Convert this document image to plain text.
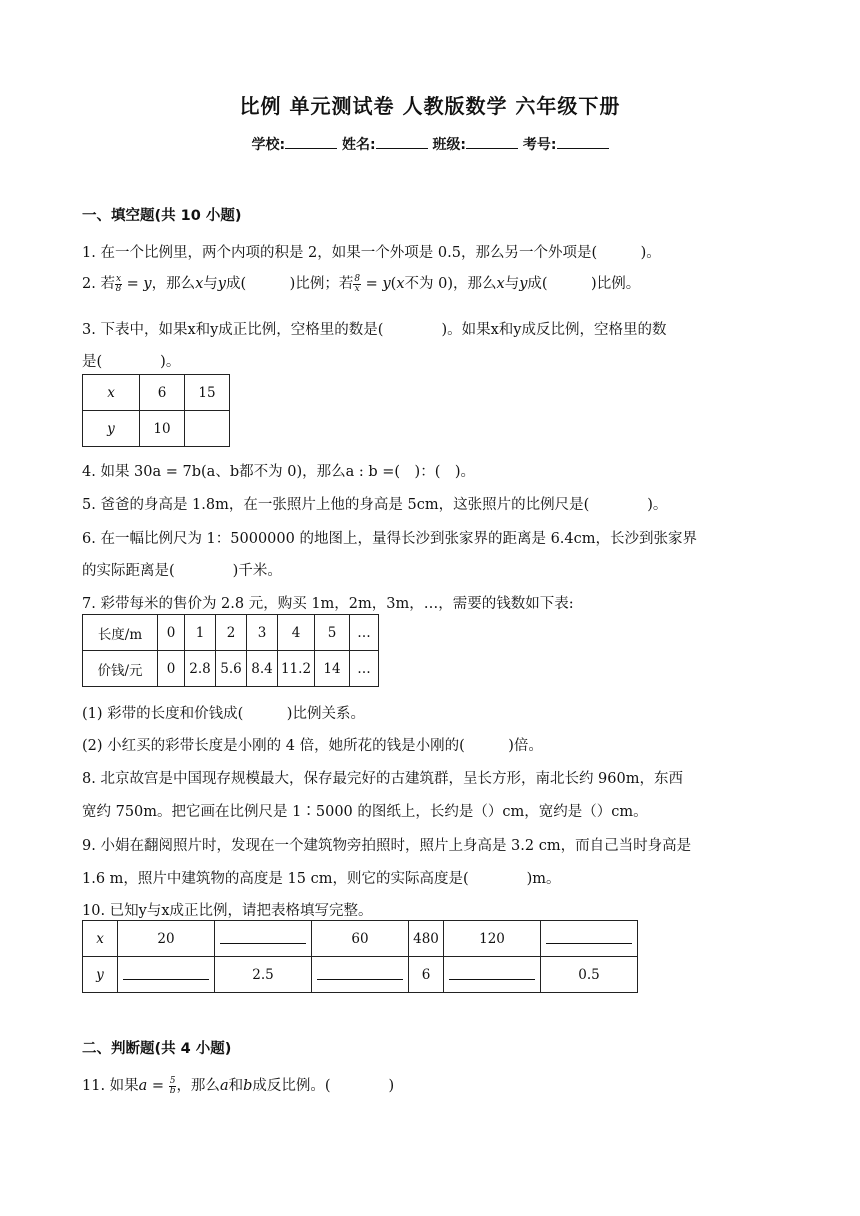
比例 单元测试卷 人教版数学 六年级下册
学校:	姓名:	班级:	考号:
一、填空题(共 10 小题)
1. 在一个比例里，两个内项的积是 2，如果一个外项是 0.5，那么另一个外项是(　　　)。
2. 若 $\frac{x}{8} = y$，那么x与y成(　　　)比例；若 $\frac{8}{x} = y(x$不为 0)，那么x与y成(　　　)比例。
3. 下表中，如果x和y成正比例，空格里的数是(　　　　)。如果x和y成反比例，空格里的数
是(　　　　)。
x	6	15
y	10	
4. 如果 30a = 7b(a、b都不为 0)，那么a : b =(　)：(　)。
5. 爸爸的身高是 1.8m，在一张照片上他的身高是 5cm，这张照片的比例尺是(　　　　)。
6. 在一幅比例尺为 1：5000000 的地图上，量得长沙到张家界的距离是 6.4cm，长沙到张家界
的实际距离是(　　　　)千米。
7. 彩带每米的售价为 2.8 元，购买 1m，2m，3m，…，需要的钱数如下表:
长度/m	0	1	2	3	4	5	…
价钱/元	0	2.8	5.6	8.4	11.2	14	…
(1) 彩带的长度和价钱成(　　　)比例关系。
(2) 小红买的彩带长度是小刚的 4 倍，她所花的钱是小刚的(　　　)倍。
8. 北京故宫是中国现存规模最大，保存最完好的古建筑群，呈长方形，南北长约 960m，东西
宽约 750m。把它画在比例尺是 1∶5000 的图纸上，长约是（）cm，宽约是（）cm。
9. 小娟在翻阅照片时，发现在一个建筑物旁拍照时，照片上身高是 3.2 cm，而自己当时身高是
1.6 m，照片中建筑物的高度是 15 cm，则它的实际高度是(　　　　)m。
10. 已知y与x成正比例，请把表格填写完整。
x	20		60	480	120	
y		2.5		6		0.5
二、判断题(共 4 小题)
11. 如果$a = \frac{5}{b}$ ，那么a和b成反比例。(　　　　)
